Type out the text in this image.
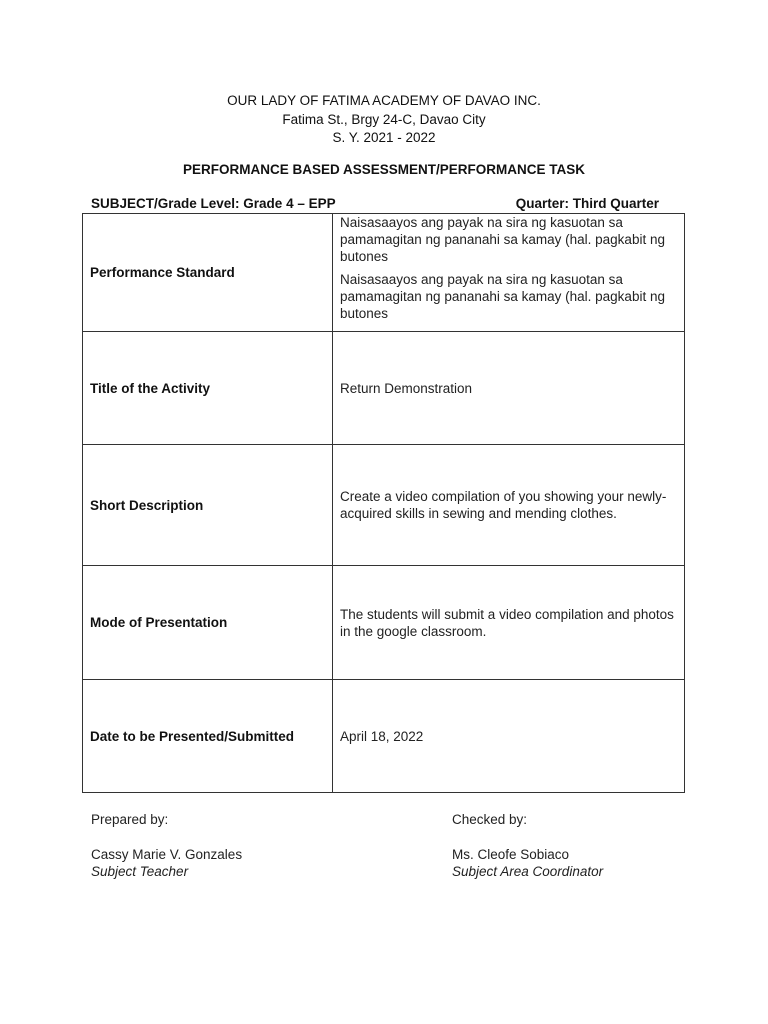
OUR LADY OF FATIMA ACADEMY OF DAVAO INC.
Fatima St., Brgy 24-C, Davao City
S. Y. 2021 - 2022
PERFORMANCE BASED ASSESSMENT/PERFORMANCE TASK
SUBJECT/Grade Level: Grade 4 – EPP	Quarter: Third Quarter
Performance Standard	Naisasaayos ang payak na sira ng kasuotan sa pamamagitan ng pananahi sa kamay (hal. pagkabit ng butones

Naisasaayos ang payak na sira ng kasuotan sa pamamagitan ng pananahi sa kamay (hal. pagkabit ng butones

Title of the Activity	Return Demonstration
Short Description	Create a video compilation of you showing your newly-acquired skills in sewing and mending clothes.
Mode of Presentation	The students will submit a video compilation and photos in the google classroom.
Date to be Presented/Submitted	April 18, 2022
Prepared by:
Cassy Marie V. Gonzales
Subject Teacher
Checked by:
Ms. Cleofe Sobiaco
Subject Area Coordinator
